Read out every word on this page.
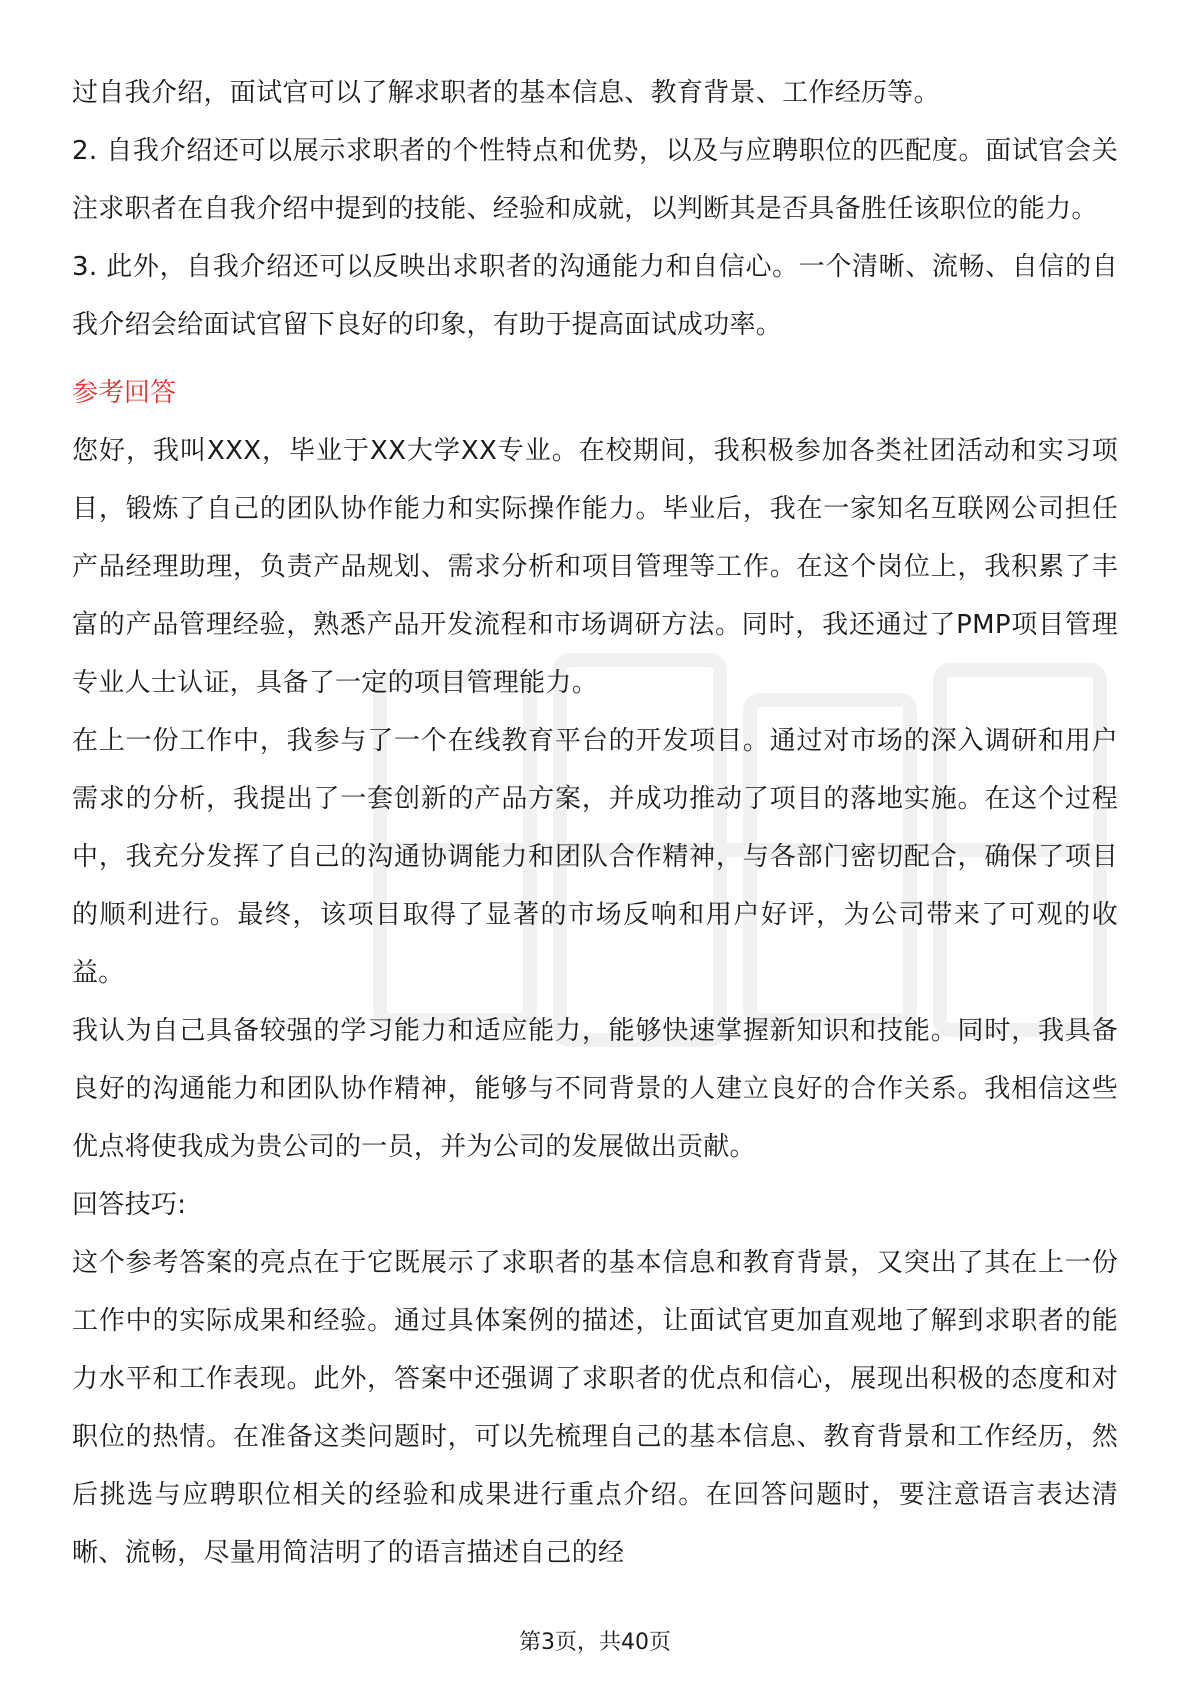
过自我介绍，面试官可以了解求职者的基本信息、教育背景、工作经历等。

2. 自我介绍还可以展示求职者的个性特点和优势，以及与应聘职位的匹配度。面试官会关注求职者在自我介绍中提到的技能、经验和成就，以判断其是否具备胜任该职位的能力。

3. 此外，自我介绍还可以反映出求职者的沟通能力和自信心。一个清晰、流畅、自信的自我介绍会给面试官留下良好的印象，有助于提高面试成功率。

参考回答

您好，我叫XXX，毕业于XX大学XX专业。在校期间，我积极参加各类社团活动和实习项目，锻炼了自己的团队协作能力和实际操作能力。毕业后，我在一家知名互联网公司担任产品经理助理，负责产品规划、需求分析和项目管理等工作。在这个岗位上，我积累了丰富的产品管理经验，熟悉产品开发流程和市场调研方法。同时，我还通过了PMP项目管理专业人士认证，具备了一定的项目管理能力。

在上一份工作中，我参与了一个在线教育平台的开发项目。通过对市场的深入调研和用户需求的分析，我提出了一套创新的产品方案，并成功推动了项目的落地实施。在这个过程中，我充分发挥了自己的沟通协调能力和团队合作精神，与各部门密切配合，确保了项目的顺利进行。最终，该项目取得了显著的市场反响和用户好评，为公司带来了可观的收益。

我认为自己具备较强的学习能力和适应能力，能够快速掌握新知识和技能。同时，我具备良好的沟通能力和团队协作精神，能够与不同背景的人建立良好的合作关系。我相信这些优点将使我成为贵公司的一员，并为公司的发展做出贡献。

回答技巧:

这个参考答案的亮点在于它既展示了求职者的基本信息和教育背景，又突出了其在上一份工作中的实际成果和经验。通过具体案例的描述，让面试官更加直观地了解到求职者的能力水平和工作表现。此外，答案中还强调了求职者的优点和信心，展现出积极的态度和对职位的热情。在准备这类问题时，可以先梳理自己的基本信息、教育背景和工作经历，然后挑选与应聘职位相关的经验和成果进行重点介绍。在回答问题时，要注意语言表达清晰、流畅，尽量用简洁明了的语言描述自己的经

第3页，共40页
